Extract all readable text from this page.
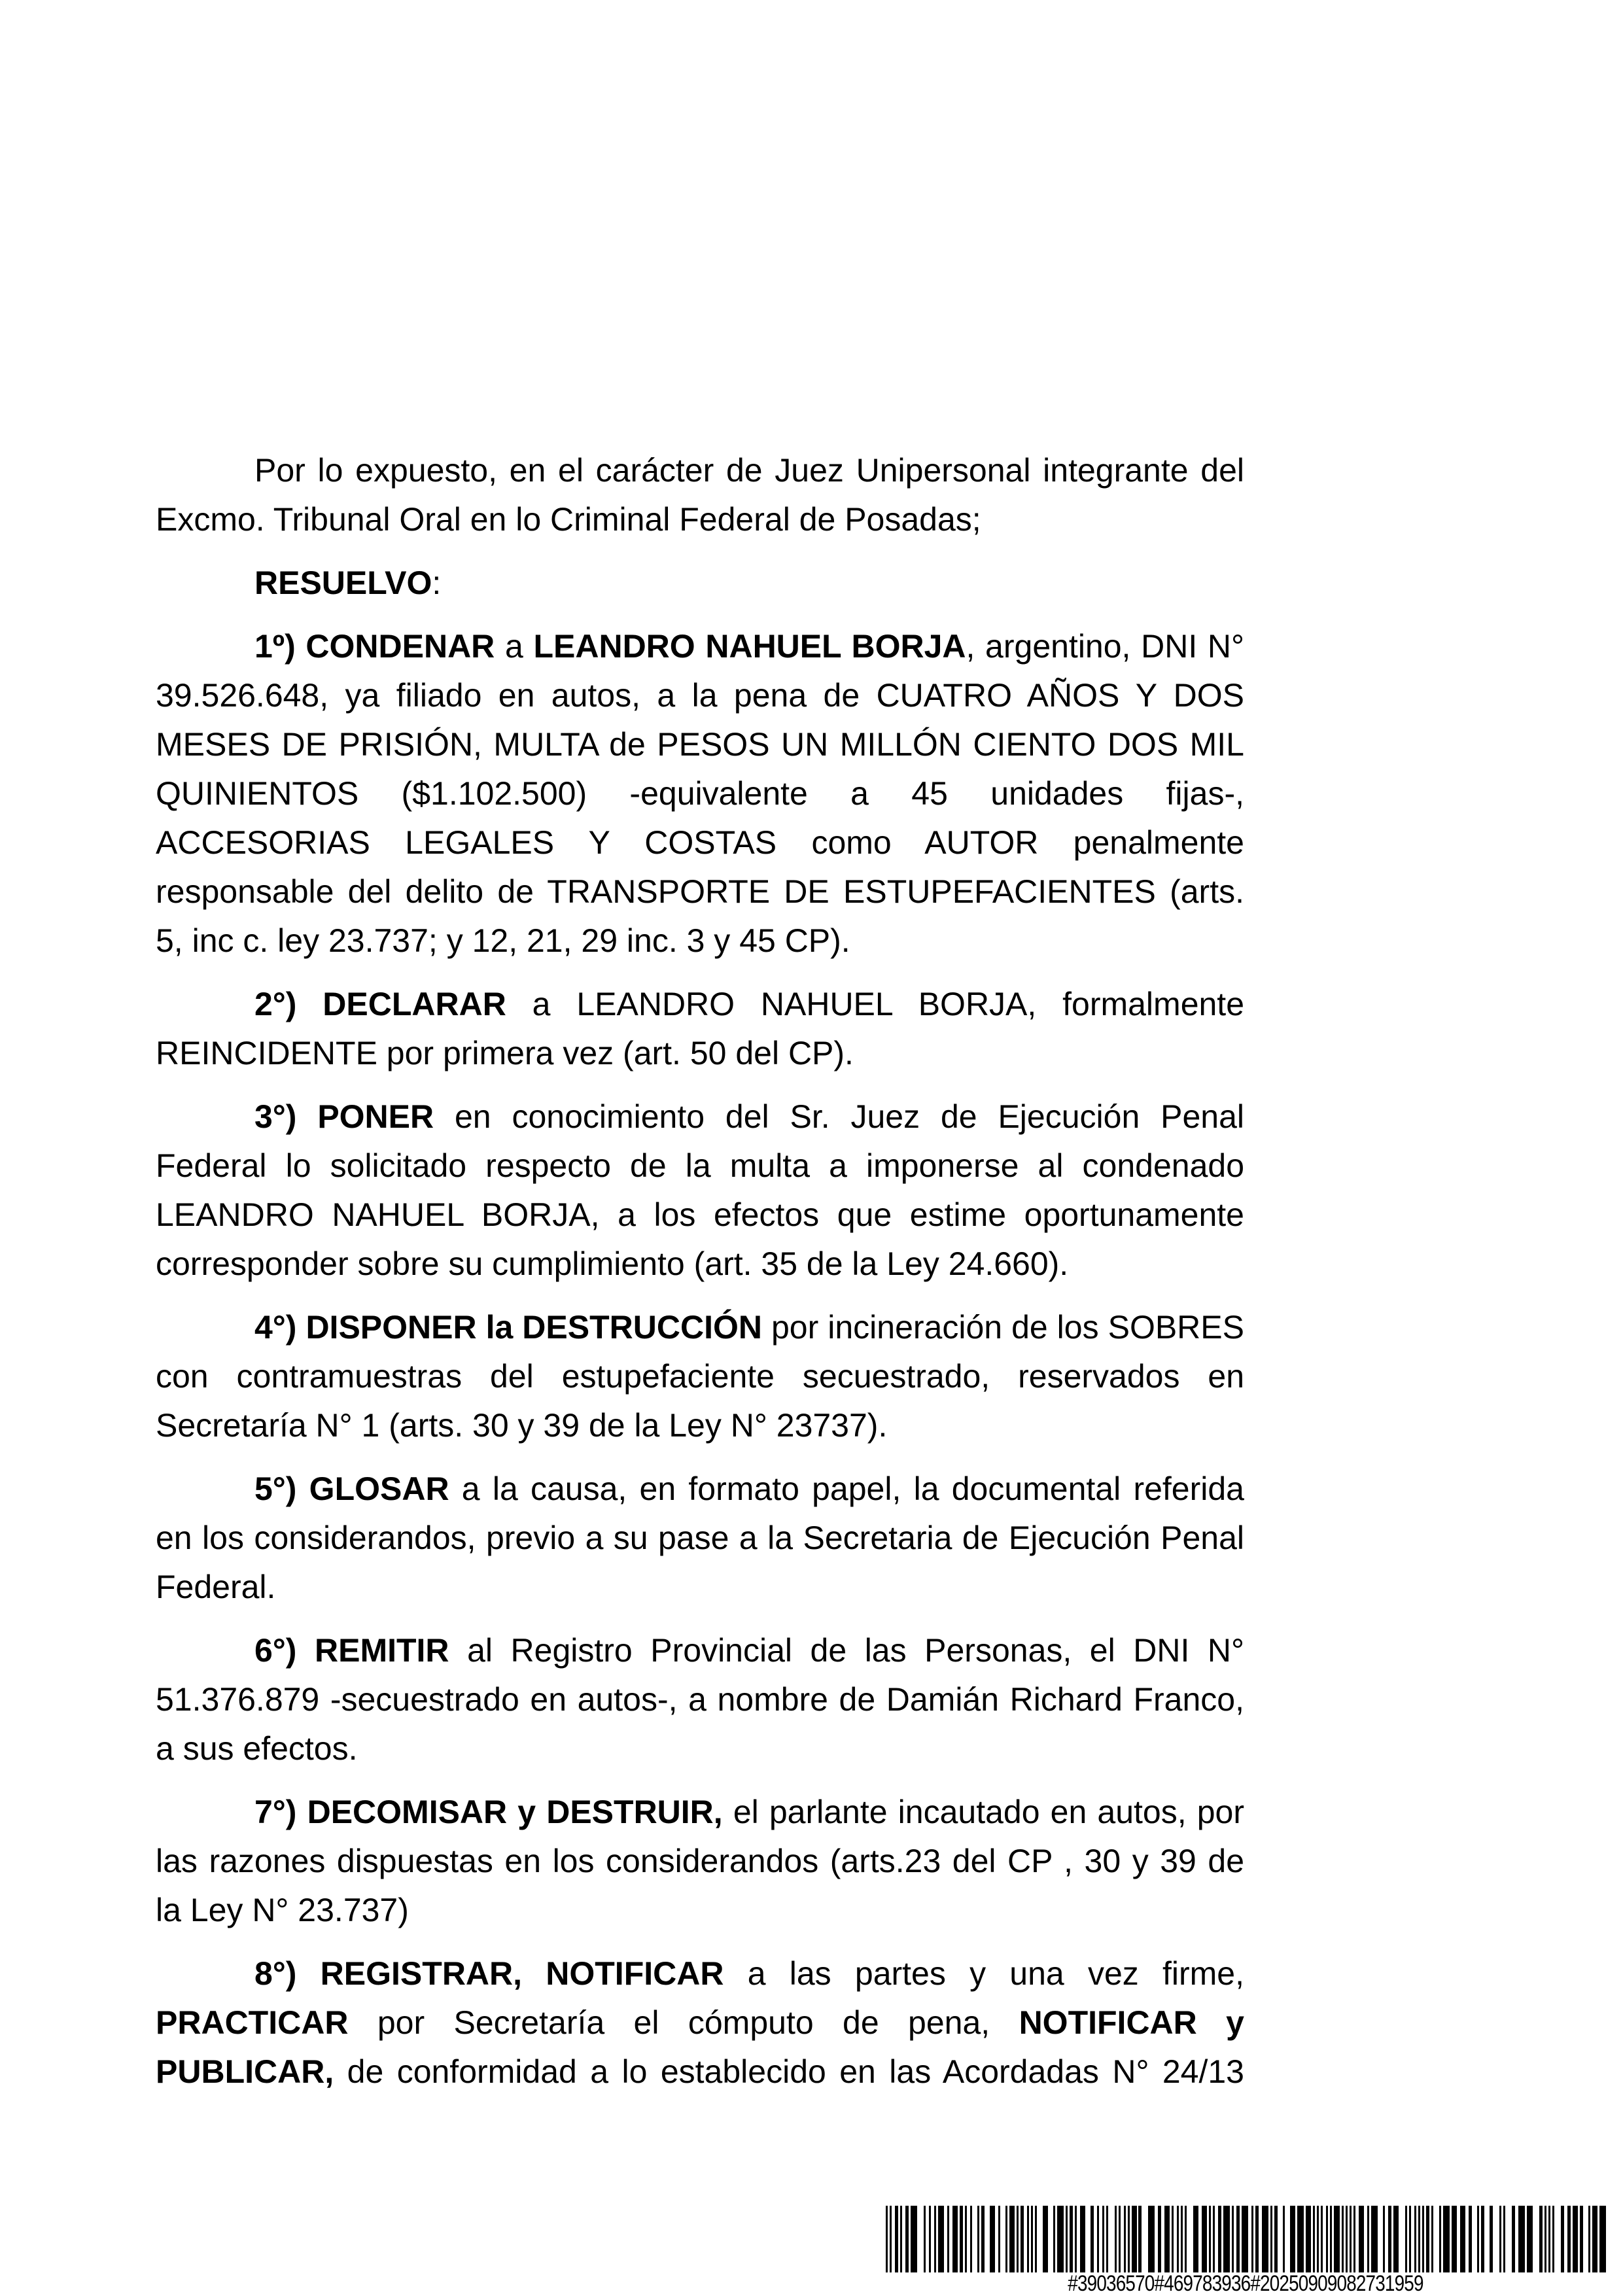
Por lo expuesto, en el carácter de Juez Unipersonal integrante del Excmo. Tribunal Oral en lo Criminal Federal de Posadas;

RESUELVO:

1º) CONDENAR a LEANDRO NAHUEL BORJA, argentino, DNI N° 39.526.648, ya filiado en autos, a la pena de CUATRO AÑOS Y DOS MESES DE PRISIÓN, MULTA de PESOS UN MILLÓN CIENTO DOS MIL QUINIENTOS ($1.102.500) -equivalente a 45 unidades fijas-, ACCESORIAS LEGALES Y COSTAS como AUTOR penalmente responsable del delito de TRANSPORTE DE ESTUPEFACIENTES (arts. 5, inc c. ley 23.737; y 12, 21, 29 inc. 3 y 45 CP).

2°) DECLARAR a LEANDRO NAHUEL BORJA, formalmente REINCIDENTE por primera vez (art. 50 del CP).

3°) PONER en conocimiento del Sr. Juez de Ejecución Penal Federal lo solicitado respecto de la multa a imponerse al condenado LEANDRO NAHUEL BORJA, a los efectos que estime oportunamente corresponder sobre su cumplimiento (art. 35 de la Ley 24.660).

4°) DISPONER la DESTRUCCIÓN por incineración de los SOBRES con contramuestras del estupefaciente secuestrado, reservados en Secretaría N° 1 (arts. 30 y 39 de la Ley N° 23737).

5°) GLOSAR a la causa, en formato papel, la documental referida en los considerandos, previo a su pase a la Secretaria de Ejecución Penal Federal.

6°) REMITIR al Registro Provincial de las Personas, el DNI N° 51.376.879 -secuestrado en autos-, a nombre de Damián Richard Franco, a sus efectos.

7°) DECOMISAR y DESTRUIR, el parlante incautado en autos, por las razones dispuestas en los considerandos (arts.23 del CP , 30 y 39 de la Ley N° 23.737)

8°) REGISTRAR, NOTIFICAR a las partes y una vez firme, PRACTICAR por Secretaría el cómputo de pena, NOTIFICAR y PUBLICAR, de conformidad a lo establecido en las Acordadas N° 24/13

#39036570#469783936#20250909082731959
